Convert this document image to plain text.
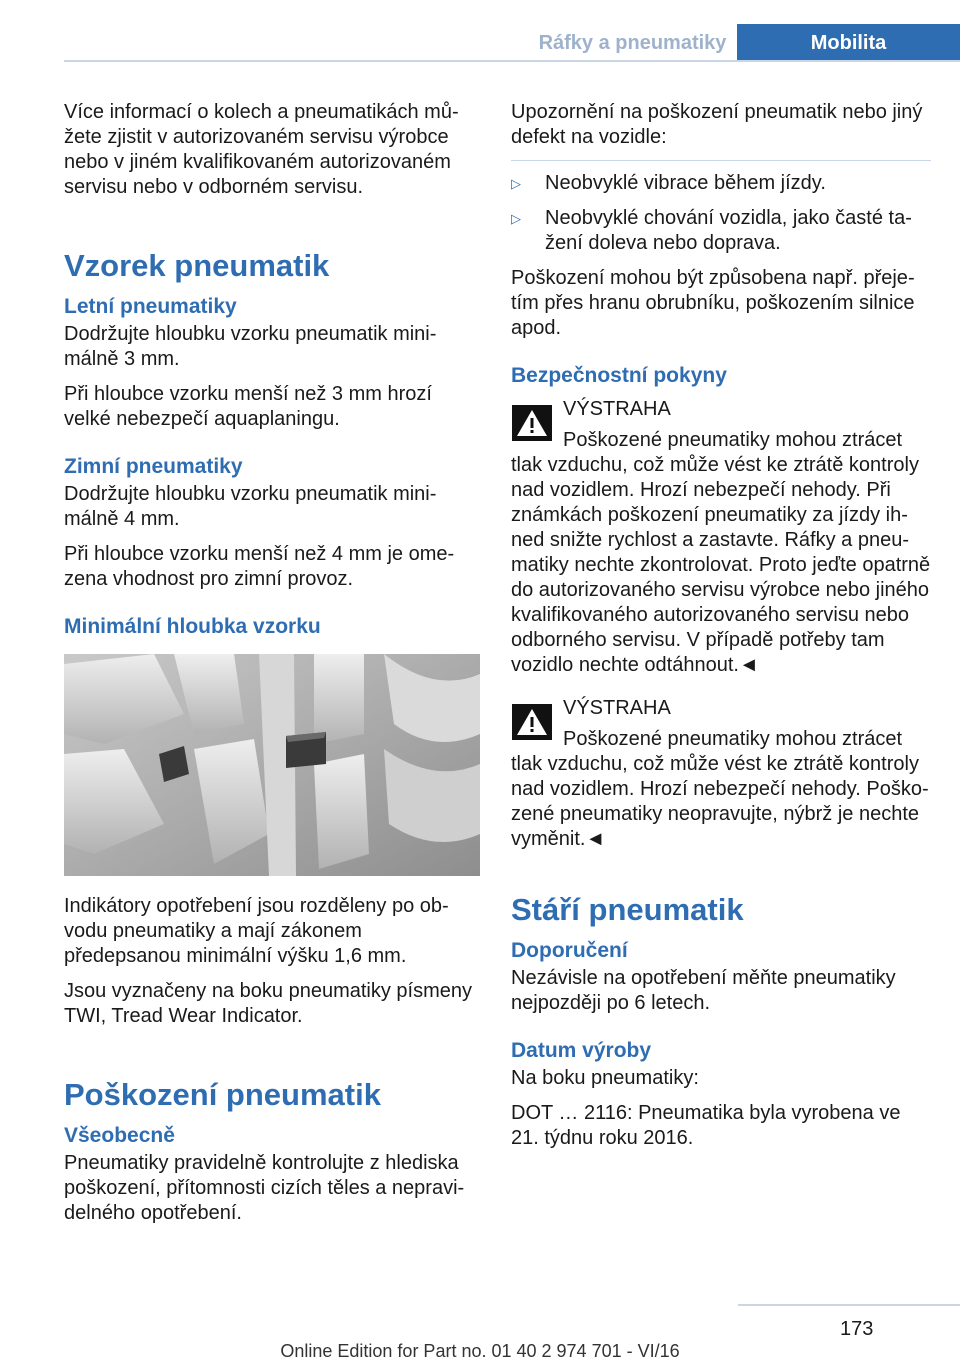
Ráfky a pneumatiky	Mobilita

Více informací o kolech a pneumatikách můžete zjistit v autorizovaném servisu výrobce nebo v jiném kvalifikovaném autorizovaném servisu nebo v odborném servisu.

Vzorek pneumatik
Letní pneumatiky

Dodržujte hloubku vzorku pneumatik minimálně 3 mm.

Při hloubce vzorku menší než 3 mm hrozí velké nebezpečí aquaplaningu.

Zimní pneumatiky

Dodržujte hloubku vzorku pneumatik minimálně 4 mm.

Při hloubce vzorku menší než 4 mm je omezena vhodnost pro zimní provoz.

Minimální hloubka vzorku

Indikátory opotřebení jsou rozděleny po obvodu pneumatiky a mají zákonem předepsanou minimální výšku 1,6 mm.

Jsou vyznačeny na boku pneumatiky písmeny TWI, Tread Wear Indicator.

Poškození pneumatik
Všeobecně

Pneumatiky pravidelně kontrolujte z hlediska poškození, přítomnosti cizích těles a nepravidelného opotřebení.

Upozornění na poškození pneumatik nebo jiný defekt na vozidle:

▷ Neobvyklé vibrace během jízdy.
▷ Neobvyklé chování vozidla, jako časté tažení doleva nebo doprava.

Poškození mohou být způsobena např. přejetím přes hranu obrubníku, poškozením silnice apod.

Bezpečnostní pokyny

VÝSTRAHA

Poškozené pneumatiky mohou ztrácet tlak vzduchu, což může vést ke ztrátě kontroly nad vozidlem. Hrozí nebezpečí nehody. Při známkách poškození pneumatiky za jízdy ihned snižte rychlost a zastavte. Ráfky a pneumatiky nechte zkontrolovat. Proto jeďte opatrně do autorizovaného servisu výrobce nebo jiného kvalifikovaného autorizovaného servisu nebo odborného servisu. V případě potřeby tam vozidlo nechte odtáhnout.◄

VÝSTRAHA

Poškozené pneumatiky mohou ztrácet tlak vzduchu, což může vést ke ztrátě kontroly nad vozidlem. Hrozí nebezpečí nehody. Poškozené pneumatiky neopravujte, nýbrž je nechte vyměnit.◄

Stáří pneumatik
Doporučení

Nezávisle na opotřebení měňte pneumatiky nejpozději po 6 letech.

Datum výroby

Na boku pneumatiky:

DOT … 2116: Pneumatika byla vyrobena ve 21. týdnu roku 2016.

173
Online Edition for Part no. 01 40 2 974 701 - VI/16
